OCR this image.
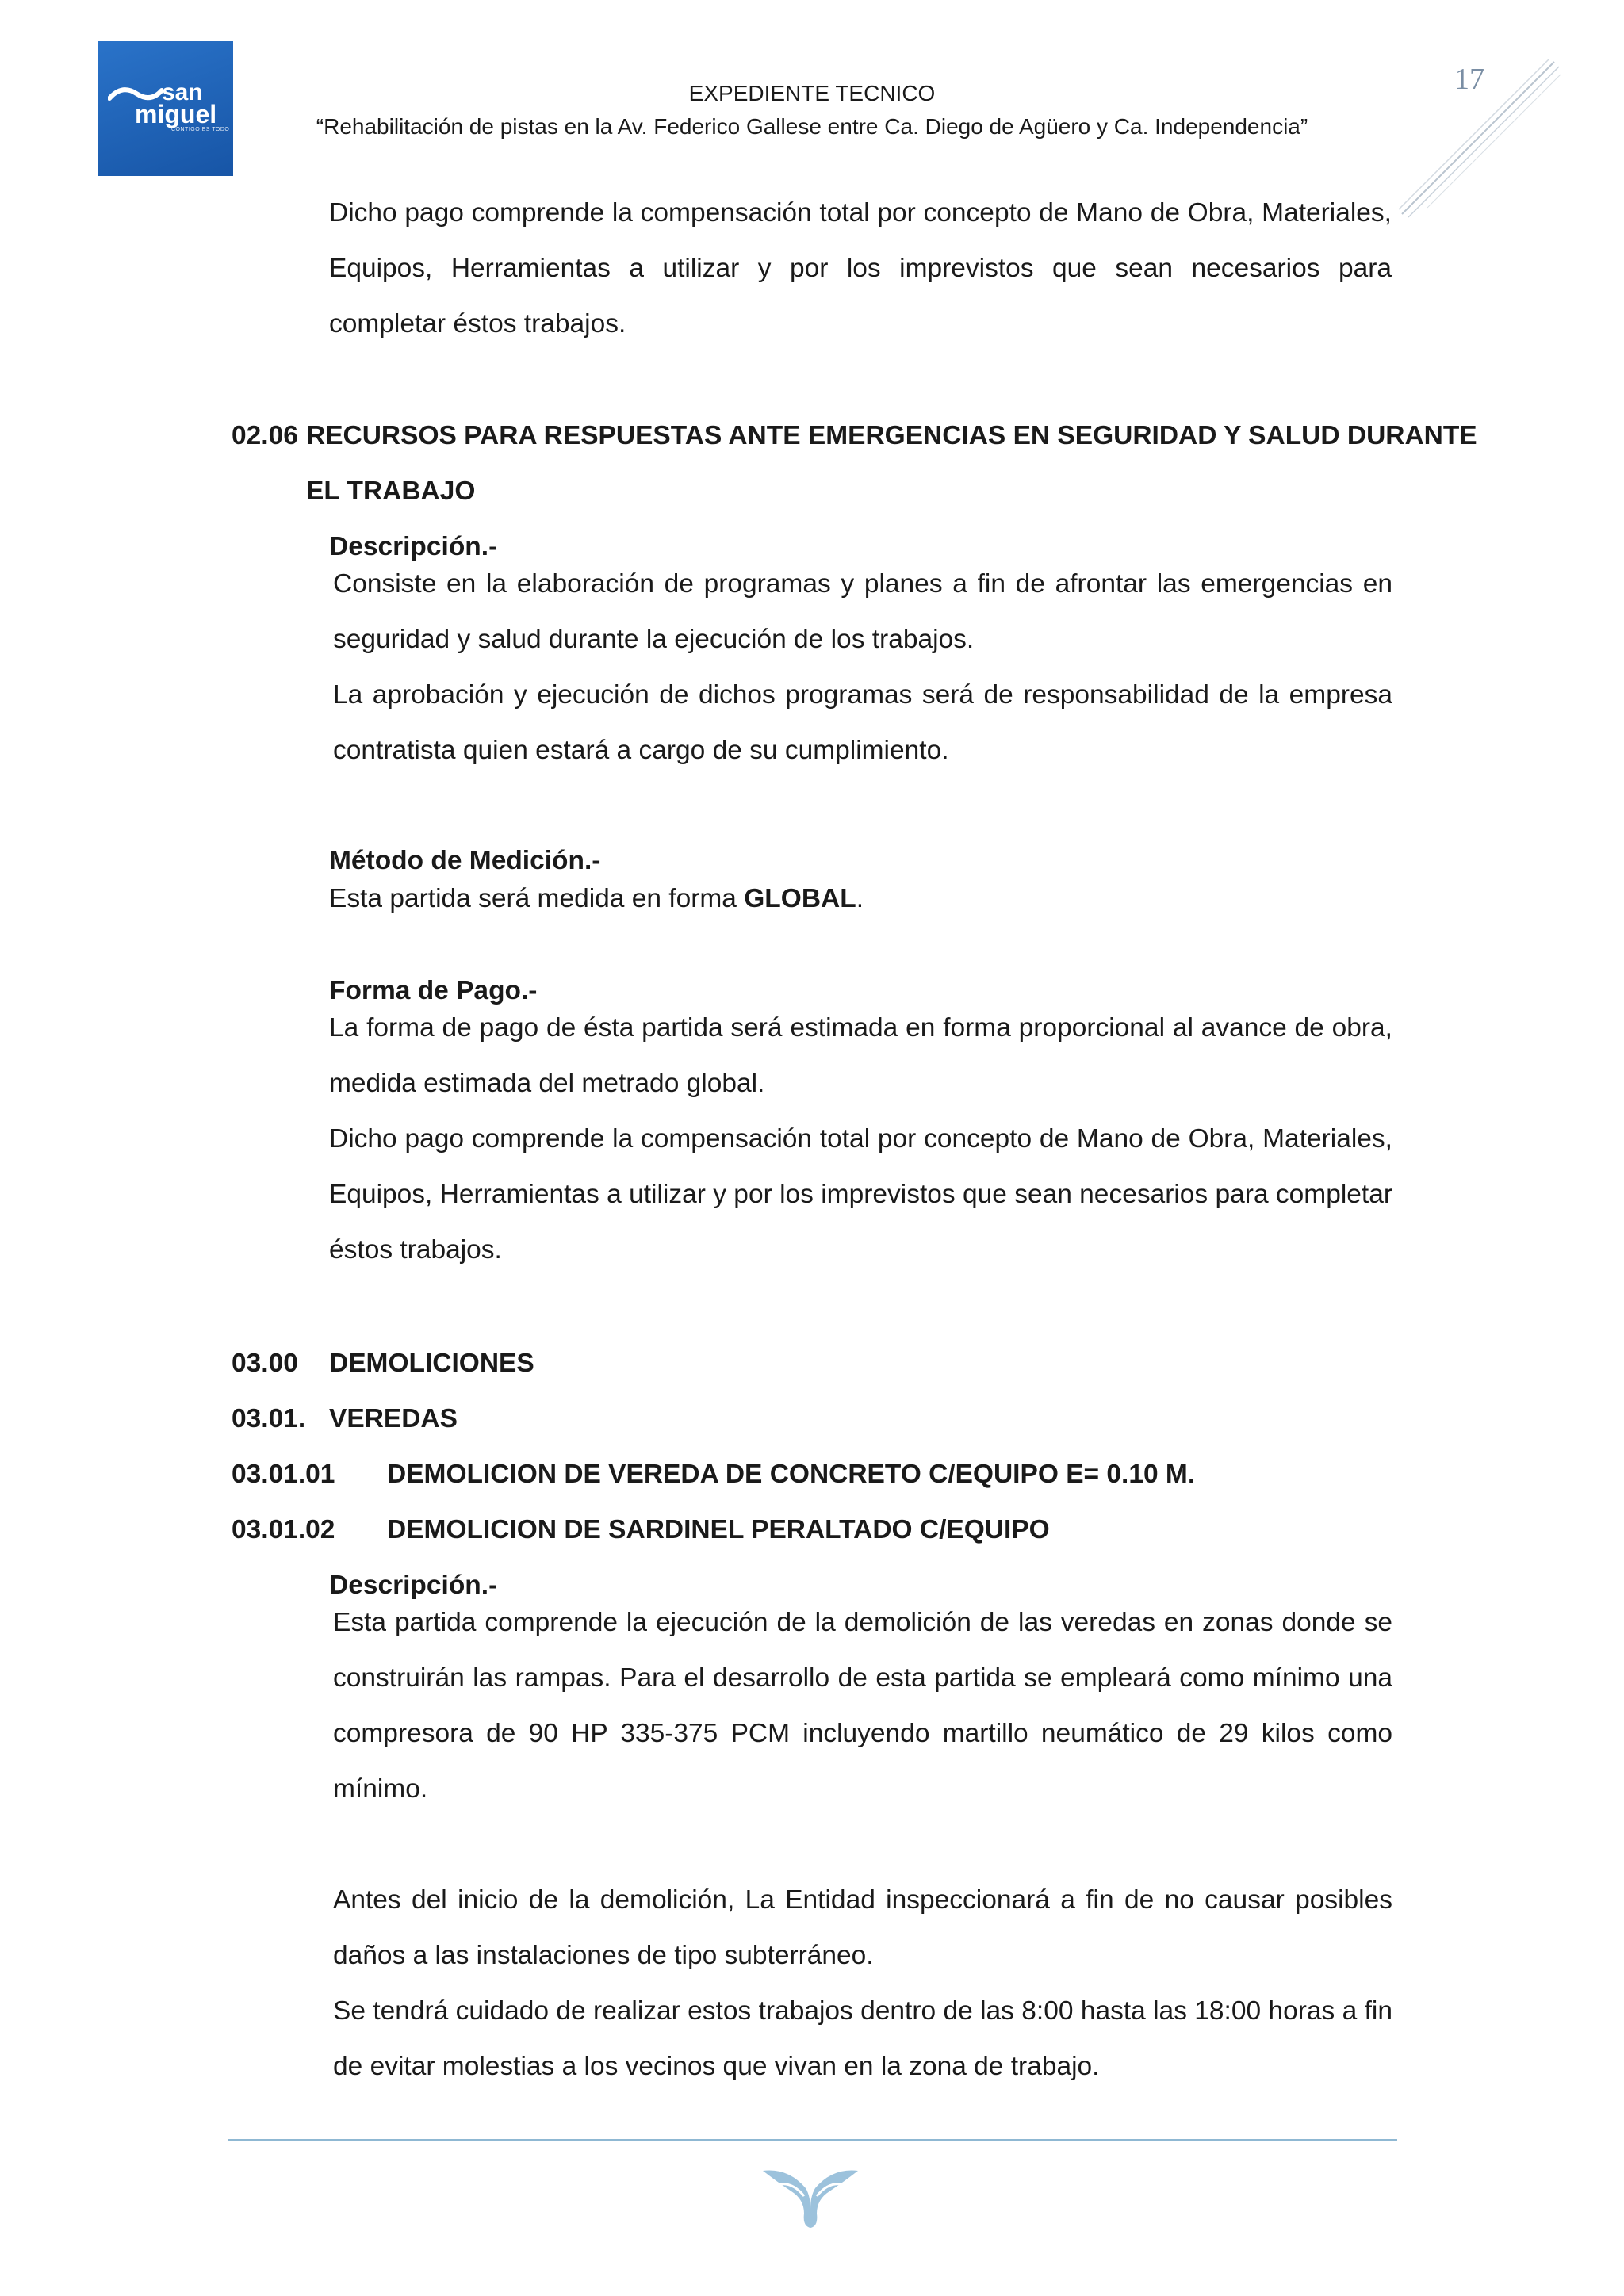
san
miguel
CONTIGO ES TODO
EXPEDIENTE TECNICO
“Rehabilitación de pistas en la Av. Federico Gallese entre Ca. Diego de Agüero y Ca. Independencia”
17

Dicho pago comprende la compensación total por concepto de Mano de Obra, Materiales, Equipos, Herramientas a utilizar y por los imprevistos que sean necesarios para completar éstos trabajos.

02.06 RECURSOS PARA RESPUESTAS ANTE EMERGENCIAS EN SEGURIDAD Y SALUD DURANTE
EL TRABAJO
Descripción.-

Consiste en la elaboración de programas y planes a fin de afrontar las emergencias en seguridad y salud durante la ejecución de los trabajos.

La aprobación y ejecución de dichos programas será de responsabilidad de la empresa contratista quien estará a cargo de su cumplimiento.

Método de Medición.-
Esta partida será medida en forma GLOBAL.
Forma de Pago.-

La forma de pago de ésta partida será estimada en forma proporcional al avance de obra, medida estimada del metrado global.

Dicho pago comprende la compensación total por concepto de Mano de Obra, Materiales, Equipos, Herramientas a utilizar y por los imprevistos que sean necesarios para completar éstos trabajos.

03.00 DEMOLICIONES
03.01. VEREDAS
03.01.01 DEMOLICION DE VEREDA DE CONCRETO C/EQUIPO E= 0.10 M.
03.01.02 DEMOLICION DE SARDINEL PERALTADO C/EQUIPO
Descripción.-

Esta partida comprende la ejecución de la demolición de las veredas en zonas donde se construirán las rampas. Para el desarrollo de esta partida se empleará como mínimo una compresora de 90 HP 335-375 PCM incluyendo martillo neumático de 29 kilos como mínimo.

Antes del inicio de la demolición, La Entidad inspeccionará a fin de no causar posibles daños a las instalaciones de tipo subterráneo.

Se tendrá cuidado de realizar estos trabajos dentro de las 8:00 hasta las 18:00 horas a fin de evitar molestias a los vecinos que vivan en la zona de trabajo.
